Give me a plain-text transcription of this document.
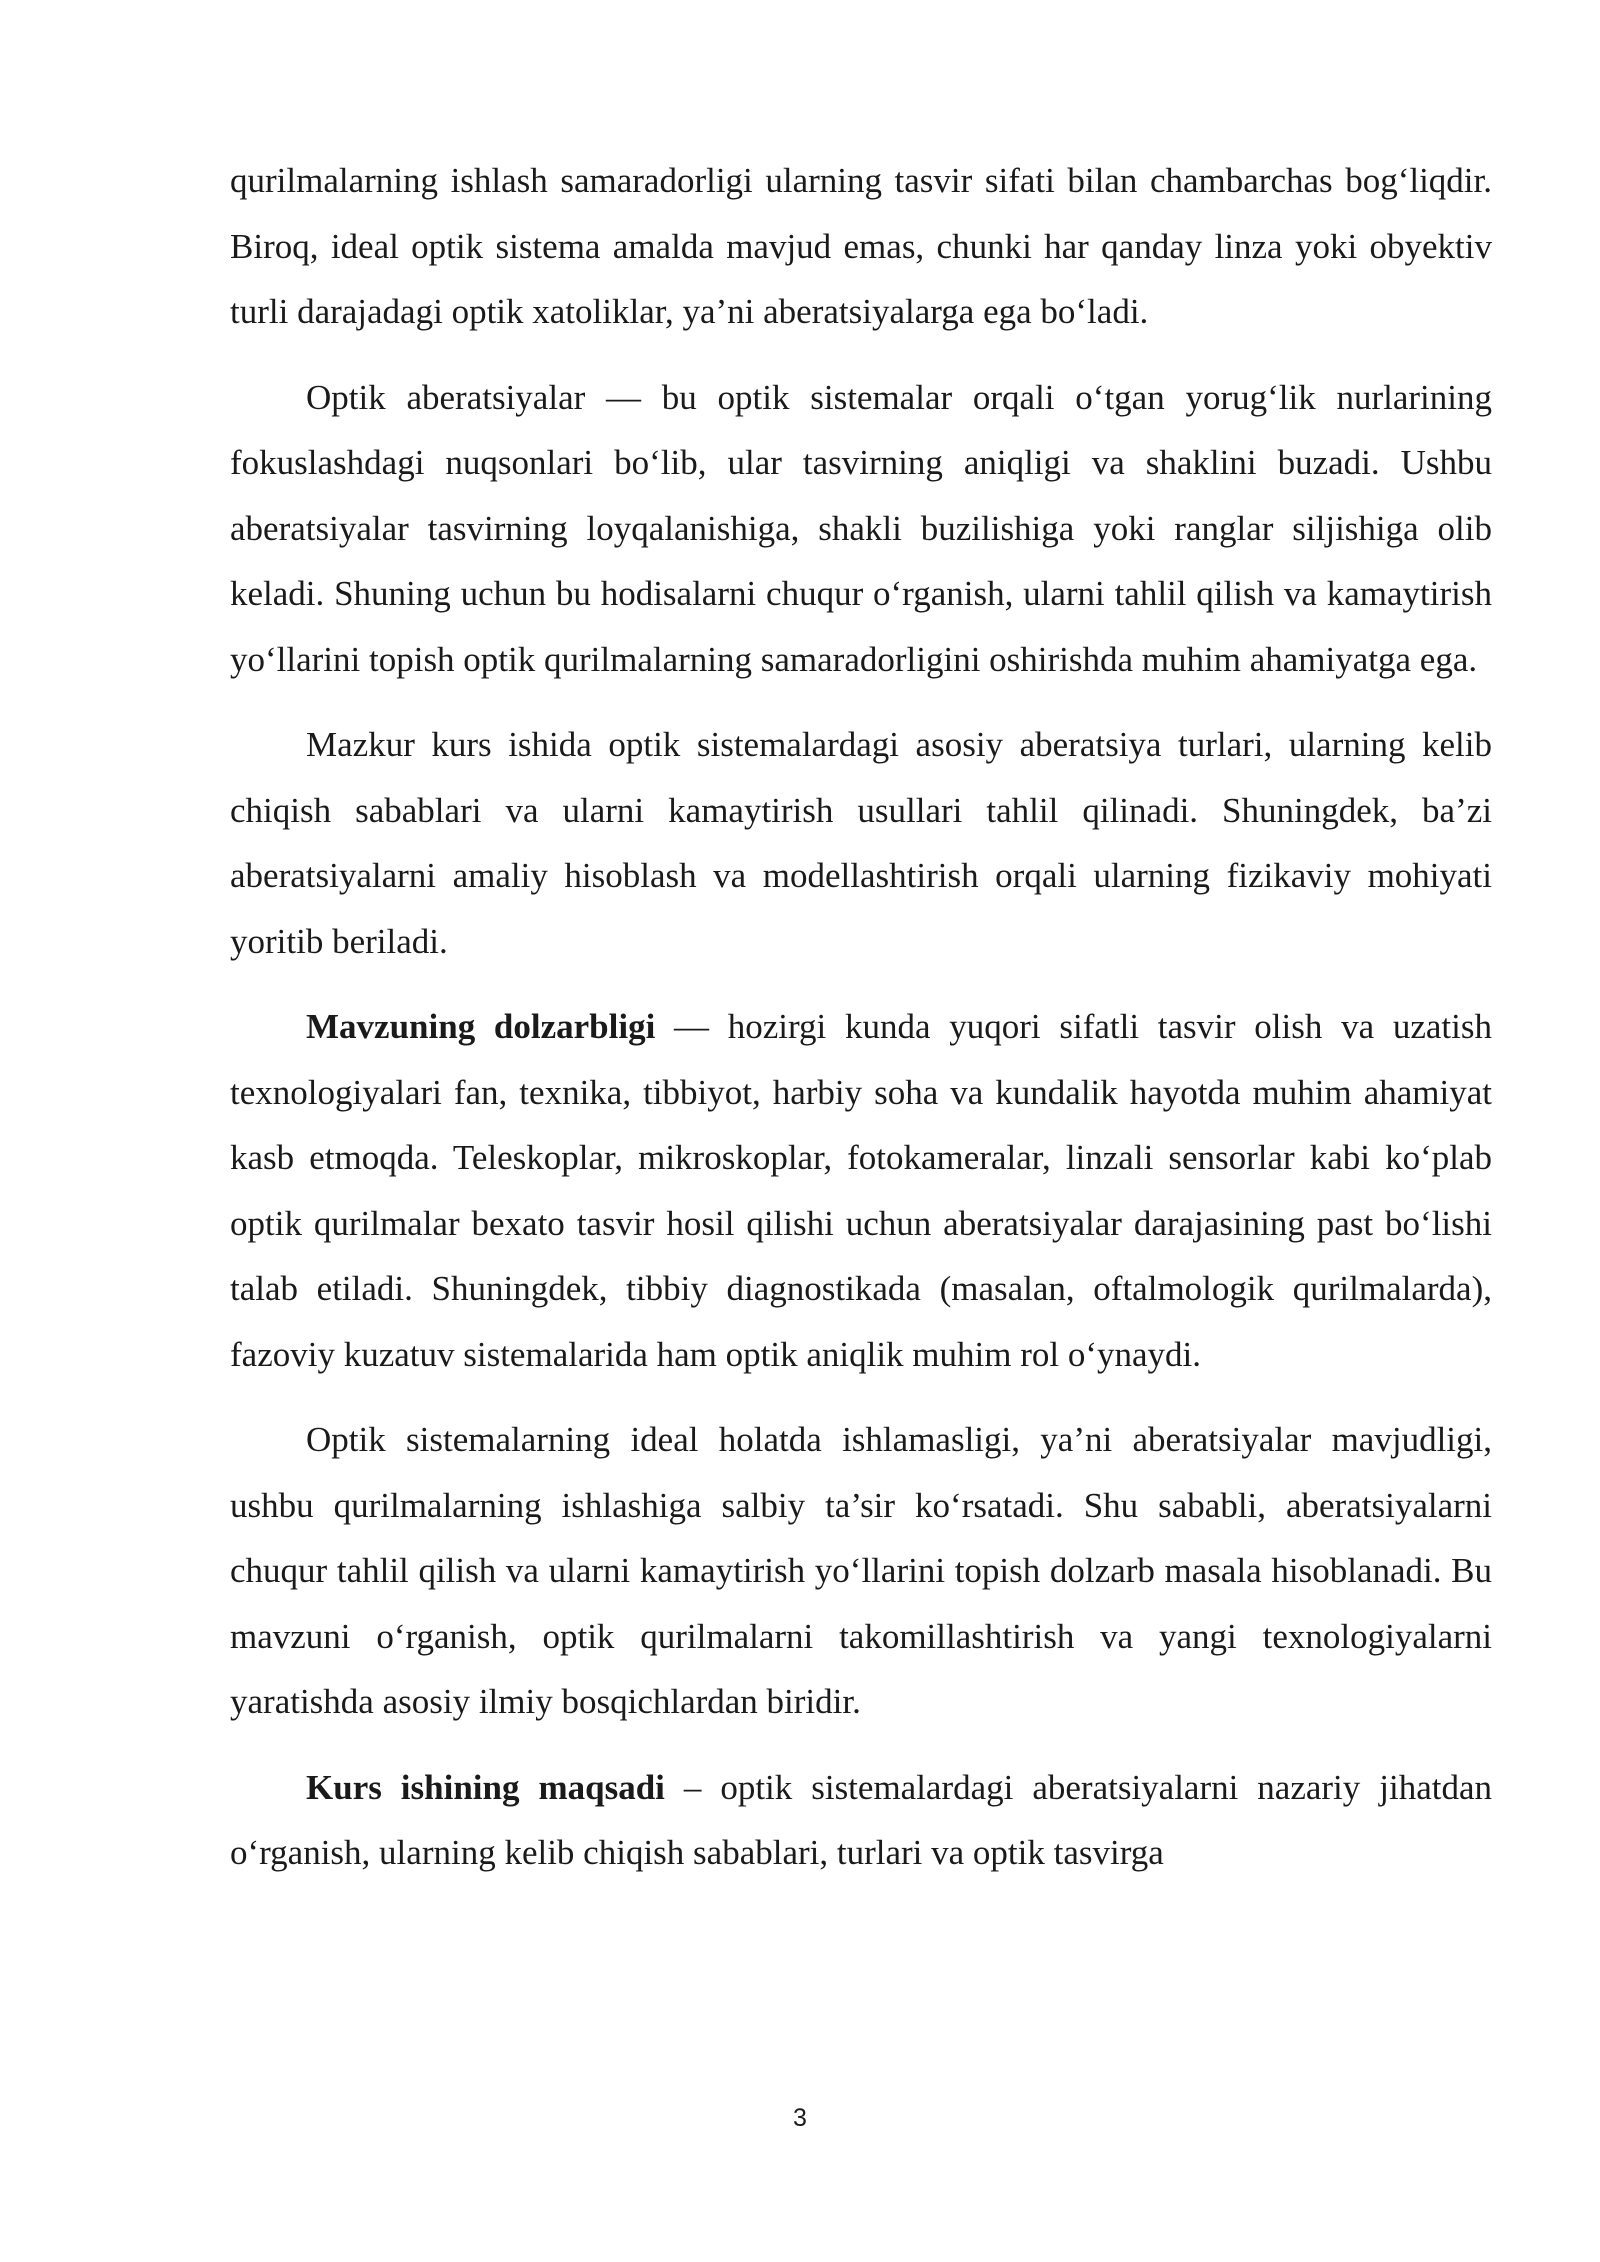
qurilmalarning ishlash samaradorligi ularning tasvir sifati bilan chambarchas bog‘liqdir. Biroq, ideal optik sistema amalda mavjud emas, chunki har qanday linza yoki obyektiv turli darajadagi optik xatoliklar, ya’ni aberatsiyalarga ega bo‘ladi.

Optik aberatsiyalar — bu optik sistemalar orqali o‘tgan yorug‘lik nurlarining fokuslashdagi nuqsonlari bo‘lib, ular tasvirning aniqligi va shaklini buzadi. Ushbu aberatsiyalar tasvirning loyqalanishiga, shakli buzilishiga yoki ranglar siljishiga olib keladi. Shuning uchun bu hodisalarni chuqur o‘rganish, ularni tahlil qilish va kamaytirish yo‘llarini topish optik qurilmalarning samaradorligini oshirishda muhim ahamiyatga ega.

Mazkur kurs ishida optik sistemalardagi asosiy aberatsiya turlari, ularning kelib chiqish sabablari va ularni kamaytirish usullari tahlil qilinadi. Shuningdek, ba’zi aberatsiyalarni amaliy hisoblash va modellashtirish orqali ularning fizikaviy mohiyati yoritib beriladi.

Mavzuning dolzarbligi — hozirgi kunda yuqori sifatli tasvir olish va uzatish texnologiyalari fan, texnika, tibbiyot, harbiy soha va kundalik hayotda muhim ahamiyat kasb etmoqda. Teleskoplar, mikroskoplar, fotokameralar, linzali sensorlar kabi ko‘plab optik qurilmalar bexato tasvir hosil qilishi uchun aberatsiyalar darajasining past bo‘lishi talab etiladi. Shuningdek, tibbiy diagnostikada (masalan, oftalmologik qurilmalarda), fazoviy kuzatuv sistemalarida ham optik aniqlik muhim rol o‘ynaydi.

Optik sistemalarning ideal holatda ishlamasligi, ya’ni aberatsiyalar mavjudligi, ushbu qurilmalarning ishlashiga salbiy ta’sir ko‘rsatadi. Shu sababli, aberatsiyalarni chuqur tahlil qilish va ularni kamaytirish yo‘llarini topish dolzarb masala hisoblanadi. Bu mavzuni o‘rganish, optik qurilmalarni takomillashtirish va yangi texnologiyalarni yaratishda asosiy ilmiy bosqichlardan biridir.

Kurs ishining maqsadi – optik sistemalardagi aberatsiyalarni nazariy jihatdan o‘rganish, ularning kelib chiqish sabablari, turlari va optik tasvirga

3
